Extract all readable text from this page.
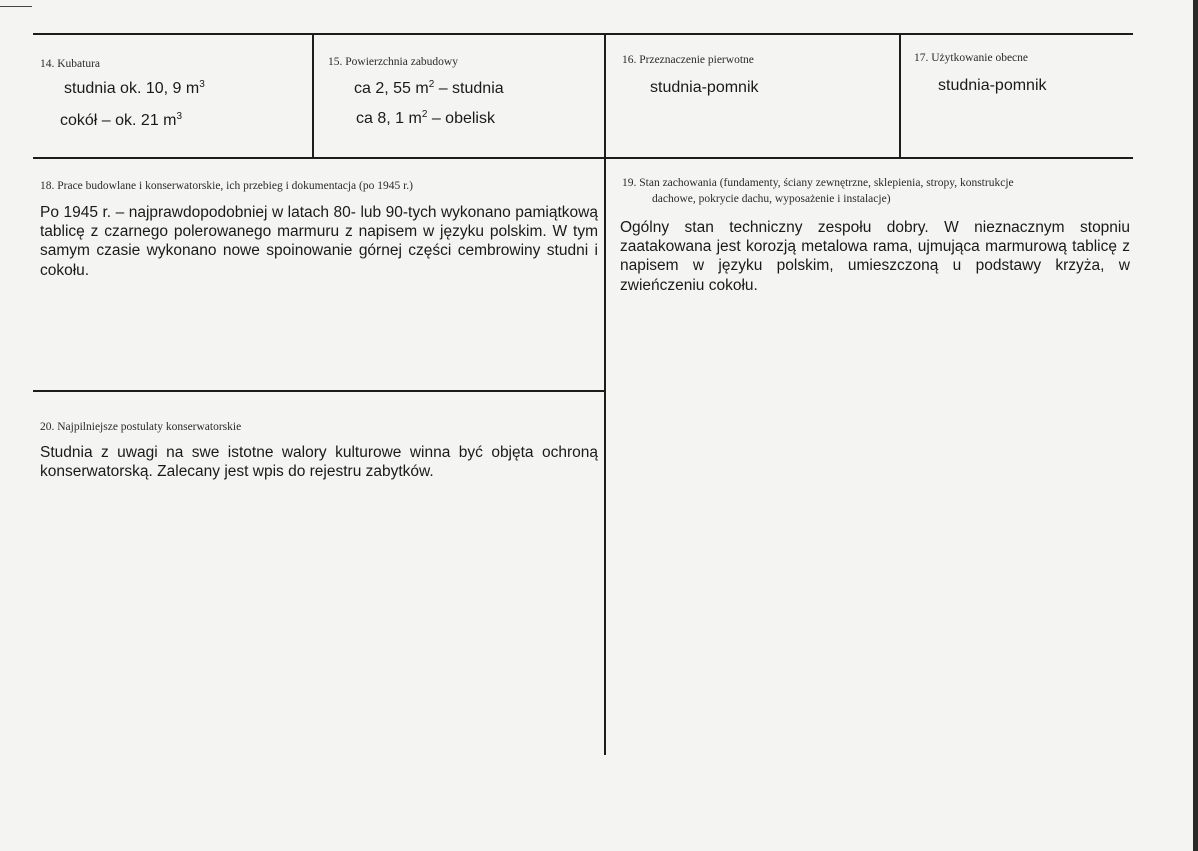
14. Kubatura
studnia ok. 10, 9 $m^3$
cokół – ok. 21 $m^3$
15. Powierzchnia zabudowy
ca 2, 55 $m^2$ – studnia
ca 8, 1 $m^2$ – obelisk
16. Przeznaczenie pierwotne
studnia-pomnik
17. Użytkowanie obecne
studnia-pomnik
18. Prace budowlane i konserwatorskie, ich przebieg i dokumentacja (po 1945 r.)
Po 1945 r. – najprawdopodobniej w latach 80- lub 90-tych wykonano pamiątkową tablicę z czarnego polerowanego marmuru z napisem w języku polskim. W tym samym czasie wykonano nowe spoinowanie górnej części cembrowiny studni i cokołu.
19. Stan zachowania (fundamenty, ściany zewnętrzne, sklepienia, stropy, konstrukcje
dachowe, pokrycie dachu, wyposażenie i instalacje)
Ogólny stan techniczny zespołu dobry. W nieznacznym stopniu zaatakowana jest korozją metalowa rama, ujmująca marmurową tablicę z napisem w języku polskim, umieszczoną u podstawy krzyża, w zwieńczeniu cokołu.
20. Najpilniejsze postulaty konserwatorskie
Studnia z uwagi na swe istotne walory kulturowe winna być objęta ochroną konserwatorską. Zalecany jest wpis do rejestru zabytków.
